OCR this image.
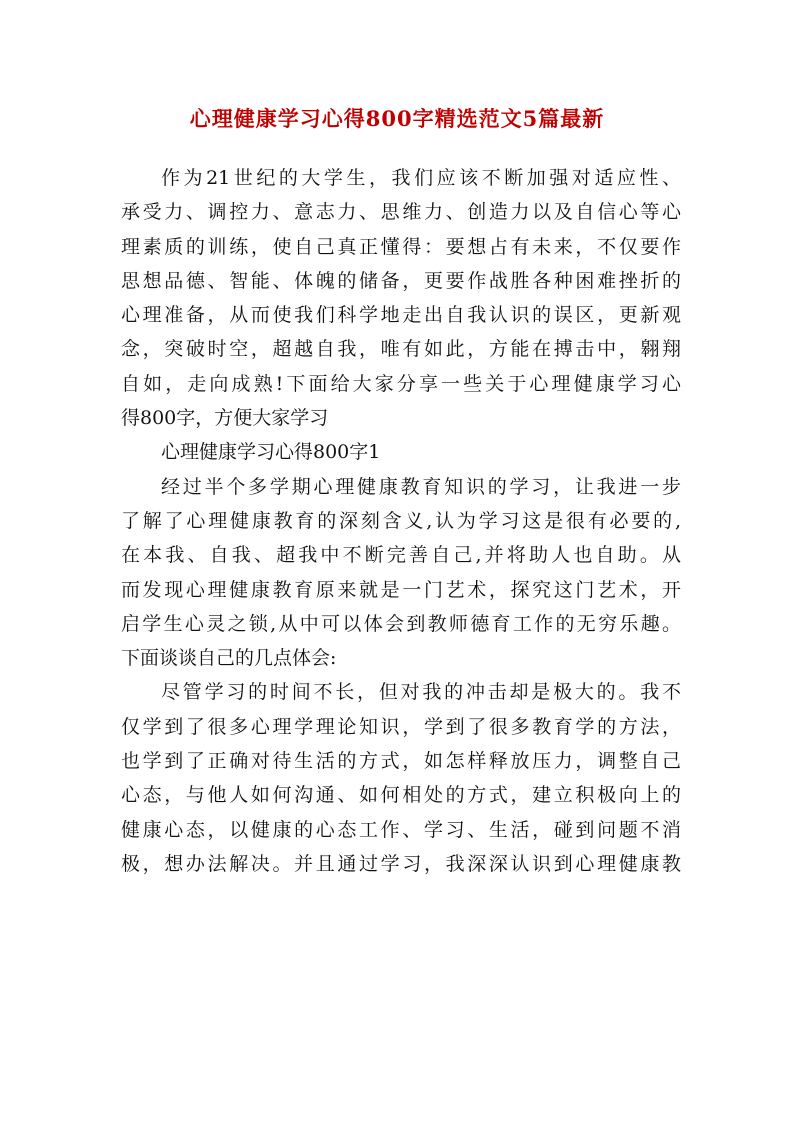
心理健康学习心得800字精选范文5篇最新
作为21世纪的大学生，我们应该不断加强对适应性、
承受力、调控力、意志力、思维力、创造力以及自信心等心
理素质的训练，使自己真正懂得：要想占有未来，不仅要作
思想品德、智能、体魄的储备，更要作战胜各种困难挫折的
心理准备，从而使我们科学地走出自我认识的误区，更新观
念，突破时空，超越自我，唯有如此，方能在搏击中，翱翔
自如，走向成熟!下面给大家分享一些关于心理健康学习心
得800字，方便大家学习
心理健康学习心得800字1
经过半个多学期心理健康教育知识的学习，让我进一步
了解了心理健康教育的深刻含义,认为学习这是很有必要的,
在本我、自我、超我中不断完善自己,并将助人也自助。从
而发现心理健康教育原来就是一门艺术，探究这门艺术，开
启学生心灵之锁,从中可以体会到教师德育工作的无穷乐趣。
下面谈谈自己的几点体会:
尽管学习的时间不长，但对我的冲击却是极大的。我不
仅学到了很多心理学理论知识，学到了很多教育学的方法，
也学到了正确对待生活的方式，如怎样释放压力，调整自己
心态，与他人如何沟通、如何相处的方式，建立积极向上的
健康心态，以健康的心态工作、学习、生活，碰到问题不消
极，想办法解决。并且通过学习，我深深认识到心理健康教
